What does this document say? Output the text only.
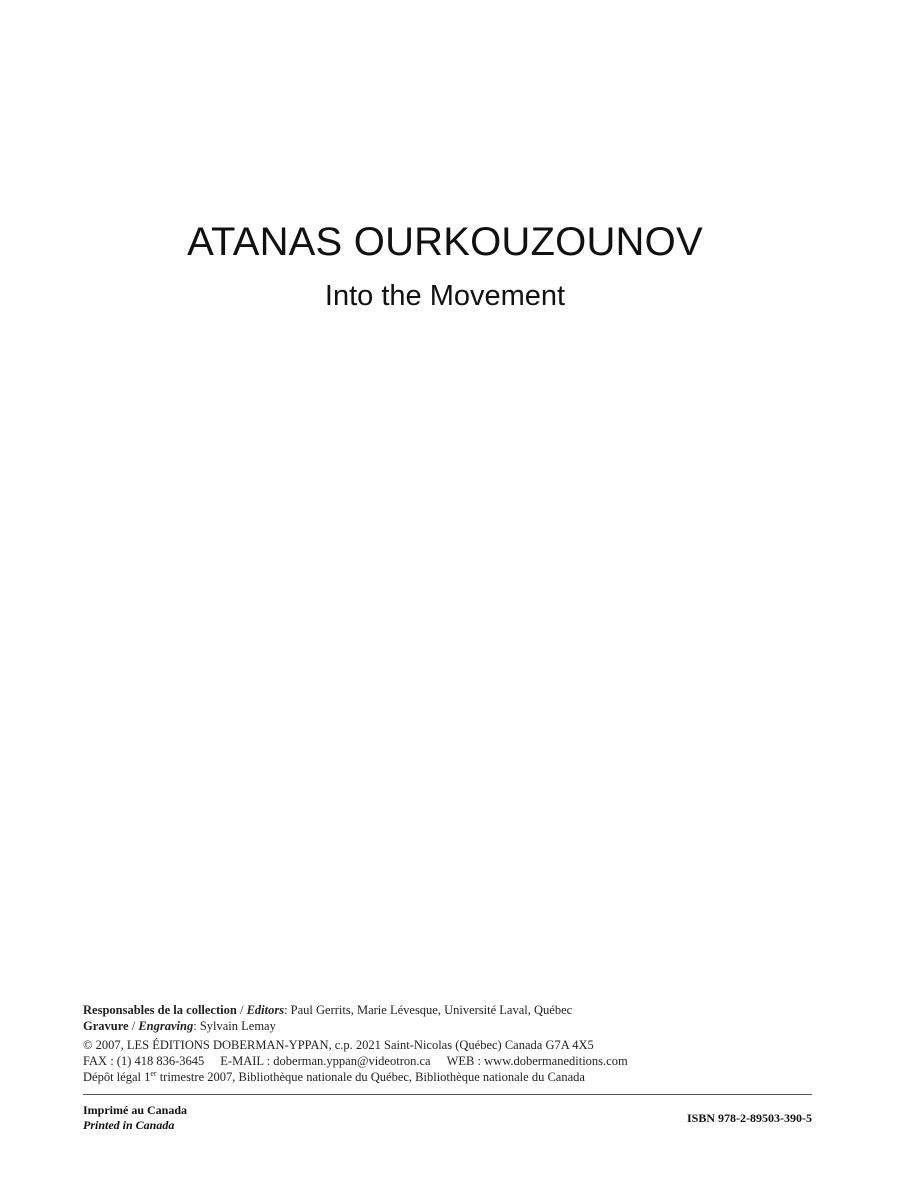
ATANAS OURKOUZOUNOV
Into the Movement
Responsables de la collection / Editors: Paul Gerrits, Marie Lévesque, Université Laval, Québec
Gravure / Engraving: Sylvain Lemay
© 2007, LES ÉDITIONS DOBERMAN-YPPAN, c.p. 2021 Saint-Nicolas (Québec) Canada G7A 4X5
FAX : (1) 418 836-3645 E-MAIL : doberman.yppan@videotron.ca WEB : www.dobermaneditions.com
Dépôt légal 1er trimestre 2007, Bibliothèque nationale du Québec, Bibliothèque nationale du Canada
Imprimé au Canada
Printed in Canada	ISBN 978-2-89503-390-5
